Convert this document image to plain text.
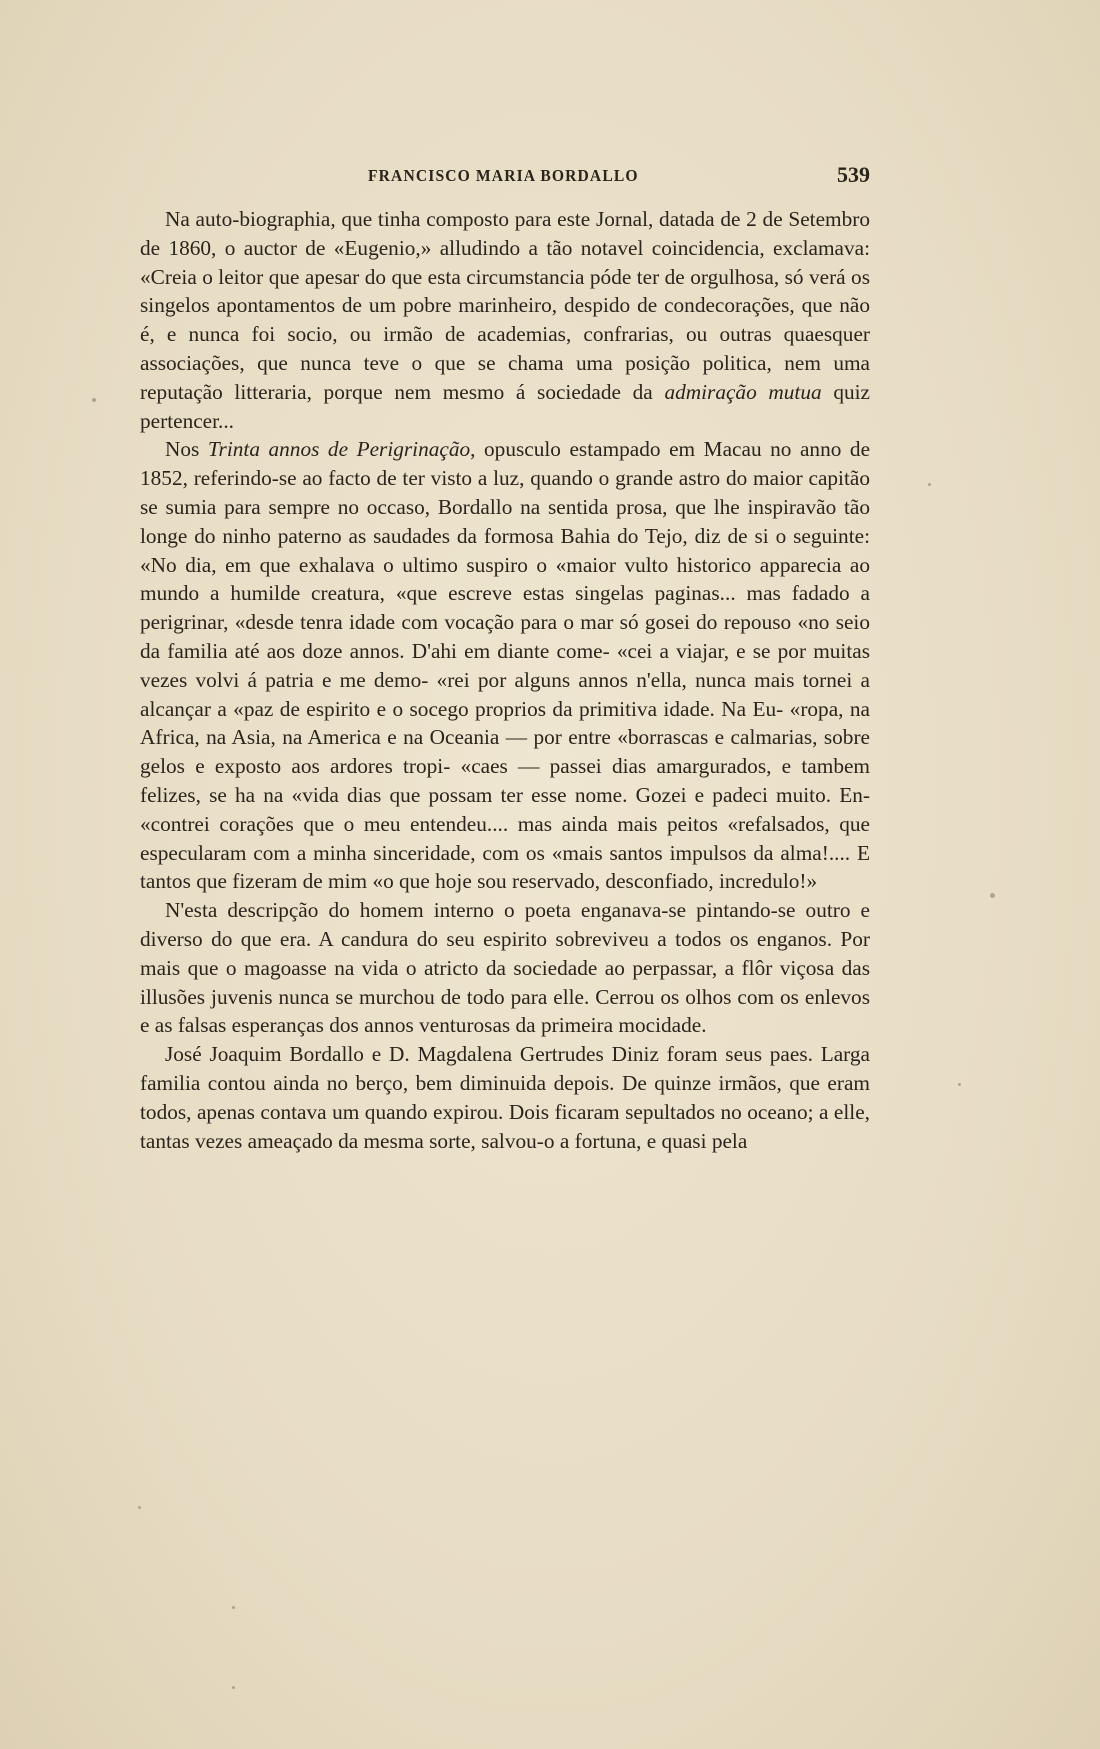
FRANCISCO MARIA BORDALLO	539

Na auto-biographia, que tinha composto para este Jornal, datada de 2 de Setembro de 1860, o auctor de «Eugenio,» alludindo a tão notavel coincidencia, exclamava: «Creia o leitor que apesar do que esta circumstancia póde ter de orgulhosa, só verá os singelos apontamentos de um pobre marinheiro, despido de condecorações, que não é, e nunca foi socio, ou irmão de academias, confrarias, ou outras quaesquer associações, que nunca teve o que se chama uma posição politica, nem uma reputação litteraria, porque nem mesmo á sociedade da admiração mutua quiz pertencer...

Nos Trinta annos de Perigrinação, opusculo estampado em Macau no anno de 1852, referindo-se ao facto de ter visto a luz, quando o grande astro do maior capitão se sumia para sempre no occaso, Bordallo na sentida prosa, que lhe inspiravão tão longe do ninho paterno as saudades da formosa Bahia do Tejo, diz de si o seguinte: «No dia, em que exhalava o ultimo suspiro o «maior vulto historico apparecia ao mundo a humilde creatura, «que escreve estas singelas paginas... mas fadado a perigrinar, «desde tenra idade com vocação para o mar só gosei do repouso «no seio da familia até aos doze annos. D'ahi em diante come- «cei a viajar, e se por muitas vezes volvi á patria e me demo- «rei por alguns annos n'ella, nunca mais tornei a alcançar a «paz de espirito e o socego proprios da primitiva idade. Na Eu- «ropa, na Africa, na Asia, na America e na Oceania — por entre «borrascas e calmarias, sobre gelos e exposto aos ardores tropi- «caes — passei dias amargurados, e tambem felizes, se ha na «vida dias que possam ter esse nome. Gozei e padeci muito. En- «contrei corações que o meu entendeu.... mas ainda mais peitos «refalsados, que especularam com a minha sinceridade, com os «mais santos impulsos da alma!.... E tantos que fizeram de mim «o que hoje sou reservado, desconfiado, incredulo!»

N'esta descripção do homem interno o poeta enganava-se pintando-se outro e diverso do que era. A candura do seu espirito sobreviveu a todos os enganos. Por mais que o magoasse na vida o atricto da sociedade ao perpassar, a flôr viçosa das illusões juvenis nunca se murchou de todo para elle. Cerrou os olhos com os enlevos e as falsas esperanças dos annos venturosas da primeira mocidade.

José Joaquim Bordallo e D. Magdalena Gertrudes Diniz foram seus paes. Larga familia contou ainda no berço, bem diminuida depois. De quinze irmãos, que eram todos, apenas contava um quando expirou. Dois ficaram sepultados no oceano; a elle, tantas vezes ameaçado da mesma sorte, salvou-o a fortuna, e quasi pela
